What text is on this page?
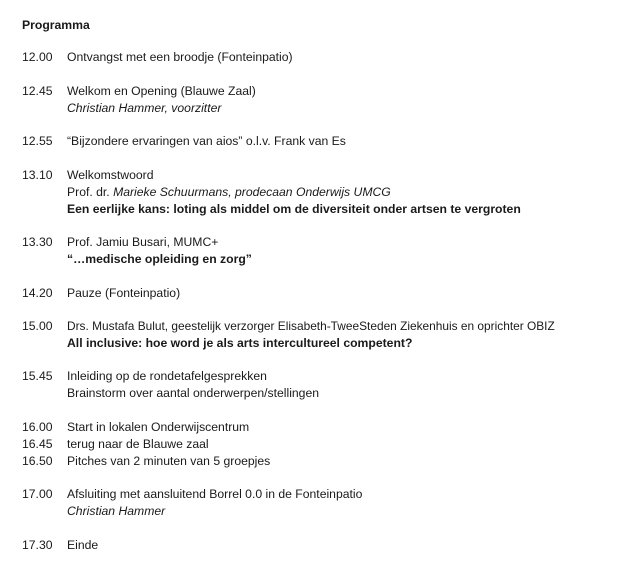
Programma
12.00	Ontvangst met een broodje (Fonteinpatio)
12.45	Welkom en Opening (Blauwe Zaal)
Christian Hammer, voorzitter
12.55	“Bijzondere ervaringen van aios” o.l.v. Frank van Es
13.10	Welkomstwoord
Prof. dr. Marieke Schuurmans, prodecaan Onderwijs UMCG
Een eerlijke kans: loting als middel om de diversiteit onder artsen te vergroten
13.30	Prof. Jamiu Busari, MUMC+
“…medische opleiding en zorg”
14.20	Pauze (Fonteinpatio)
15.00	Drs. Mustafa Bulut, geestelijk verzorger Elisabeth-TweeSteden Ziekenhuis en oprichter OBIZ
All inclusive: hoe word je als arts intercultureel competent?
15.45	Inleiding op de rondetafelgesprekken
Brainstorm over aantal onderwerpen/stellingen
16.00	Start in lokalen Onderwijscentrum
16.45	terug naar de Blauwe zaal
16.50	Pitches van 2 minuten van 5 groepjes
17.00	Afsluiting met aansluitend Borrel 0.0 in de Fonteinpatio
Christian Hammer
17.30	Einde
